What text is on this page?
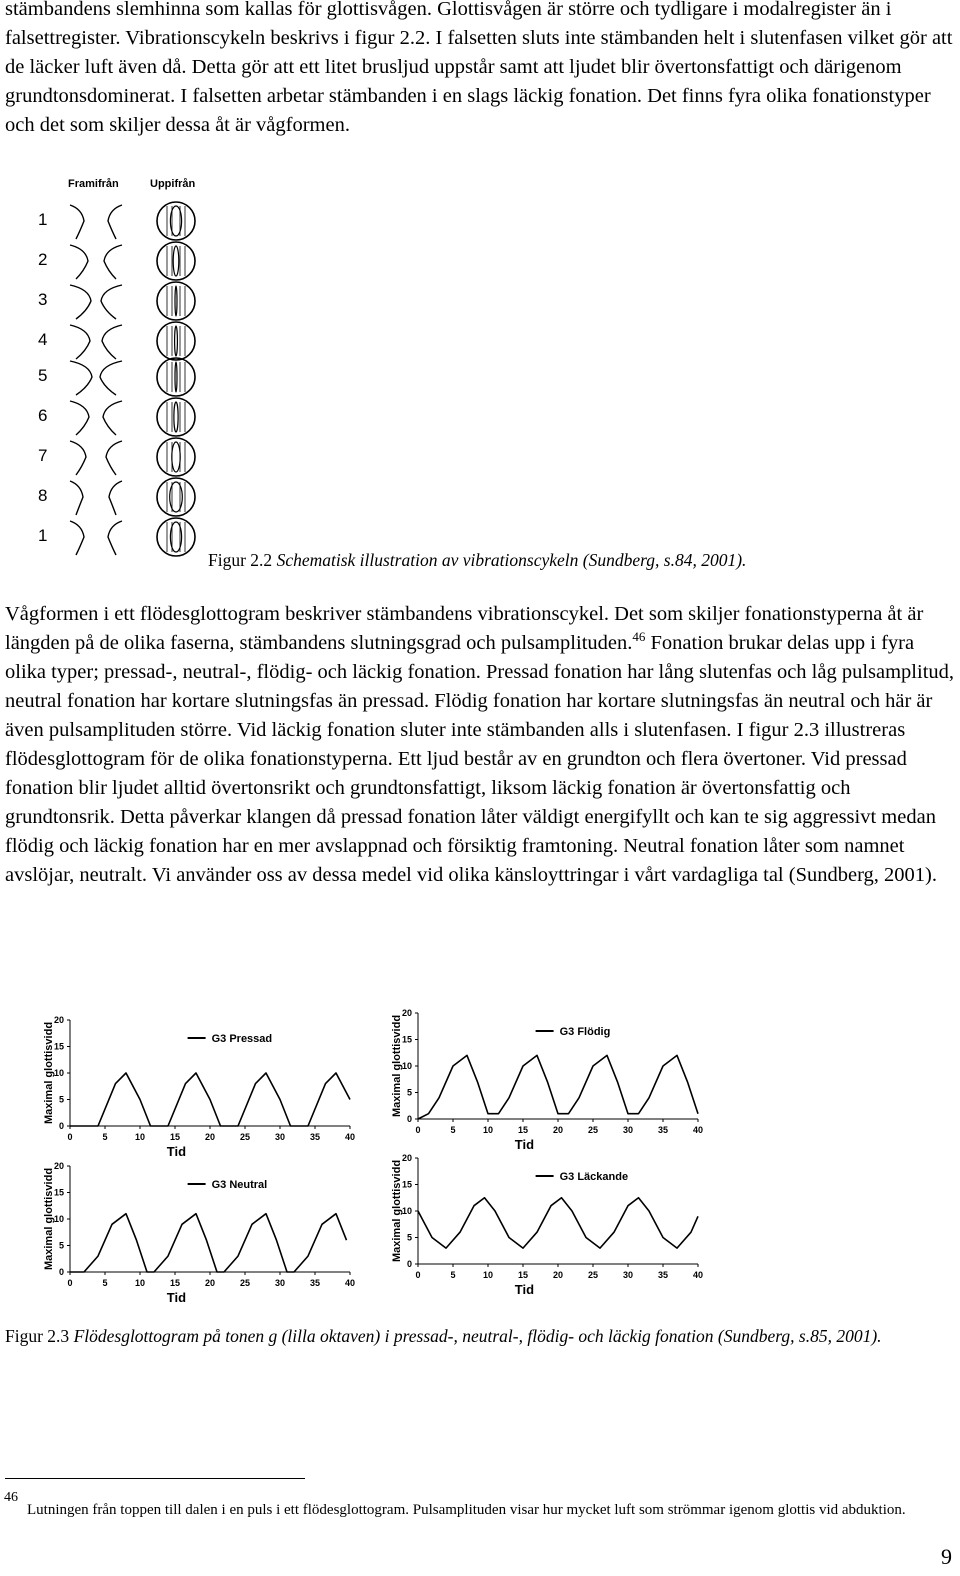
stämbandens slemhinna som kallas för glottisvågen. Glottisvågen är större och tydligare i modalregister än i falsettregister. Vibrationscykeln beskrivs i figur 2.2. I falsetten sluts inte stämbanden helt i slutenfasen vilket gör att de läcker luft även då. Detta gör att ett litet brusljud uppstår samt att ljudet blir övertonsfattigt och därigenom grundtonsdominerat. I falsetten arbetar stämbanden i en slags läckig fonation. Det finns fyra olika fonationstyper och det som skiljer dessa åt är vågformen.

Framifrån	Uppifrån
1
2
3
4
5
6
7
8
1
Figur 2.2 Schematisk illustration av vibrationscykeln (Sundberg, s.84, 2001).

Vågformen i ett flödesglottogram beskriver stämbandens vibrationscykel. Det som skiljer fonationstyperna åt är längden på de olika faserna, stämbandens slutningsgrad och pulsamplituden.$^{46}$ Fonation brukar delas upp i fyra olika typer; pressad-, neutral-, flödig- och läckig fonation. Pressad fonation har lång slutenfas och låg pulsamplitud, neutral fonation har kortare slutningsfas än pressad. Flödig fonation har kortare slutningsfas än neutral och här är även pulsamplituden större. Vid läckig fonation sluter inte stämbanden alls i slutenfasen. I figur 2.3 illustreras flödesglottogram för de olika fonationstyperna. Ett ljud består av en grundton och flera övertoner. Vid pressad fonation blir ljudet alltid övertonsrikt och grundtonsfattigt, liksom läckig fonation är övertonsfattig och grundtonsrik. Detta påverkar klangen då pressad fonation låter väldigt energifyllt och kan te sig aggressivt medan flödig och läckig fonation har en mer avslappnad och försiktig framtoning. Neutral fonation låter som namnet avslöjar, neutralt. Vi använder oss av dessa medel vid olika känsloyttringar i vårt vardagliga tal (Sundberg, 2001).

0
5
10
15
20
0	5	10	15	20	25	30	35	40
Tid
Maximal glottisvidd	G3 Pressad
0
5
10
15
20
0	5	10	15	20	25	30	35	40
Tid
Maximal glottisvidd	G3 Flödig
0
5
10
15
20
0	5	10	15	20	25	30	35	40
Tid
Maximal glottisvidd	G3 Neutral
0
5
10
15
20
0	5	10	15	20	25	30	35	40
Tid
Maximal glottisvidd	G3 Läckande
Figur 2.3 Flödesglottogram på tonen g (lilla oktaven) i pressad-, neutral-, flödig- och läckig fonation (Sundberg, s.85, 2001).
46
Lutningen från toppen till dalen i en puls i ett flödesglottogram. Pulsamplituden visar hur mycket luft som strömmar igenom glottis vid abduktion.
9
